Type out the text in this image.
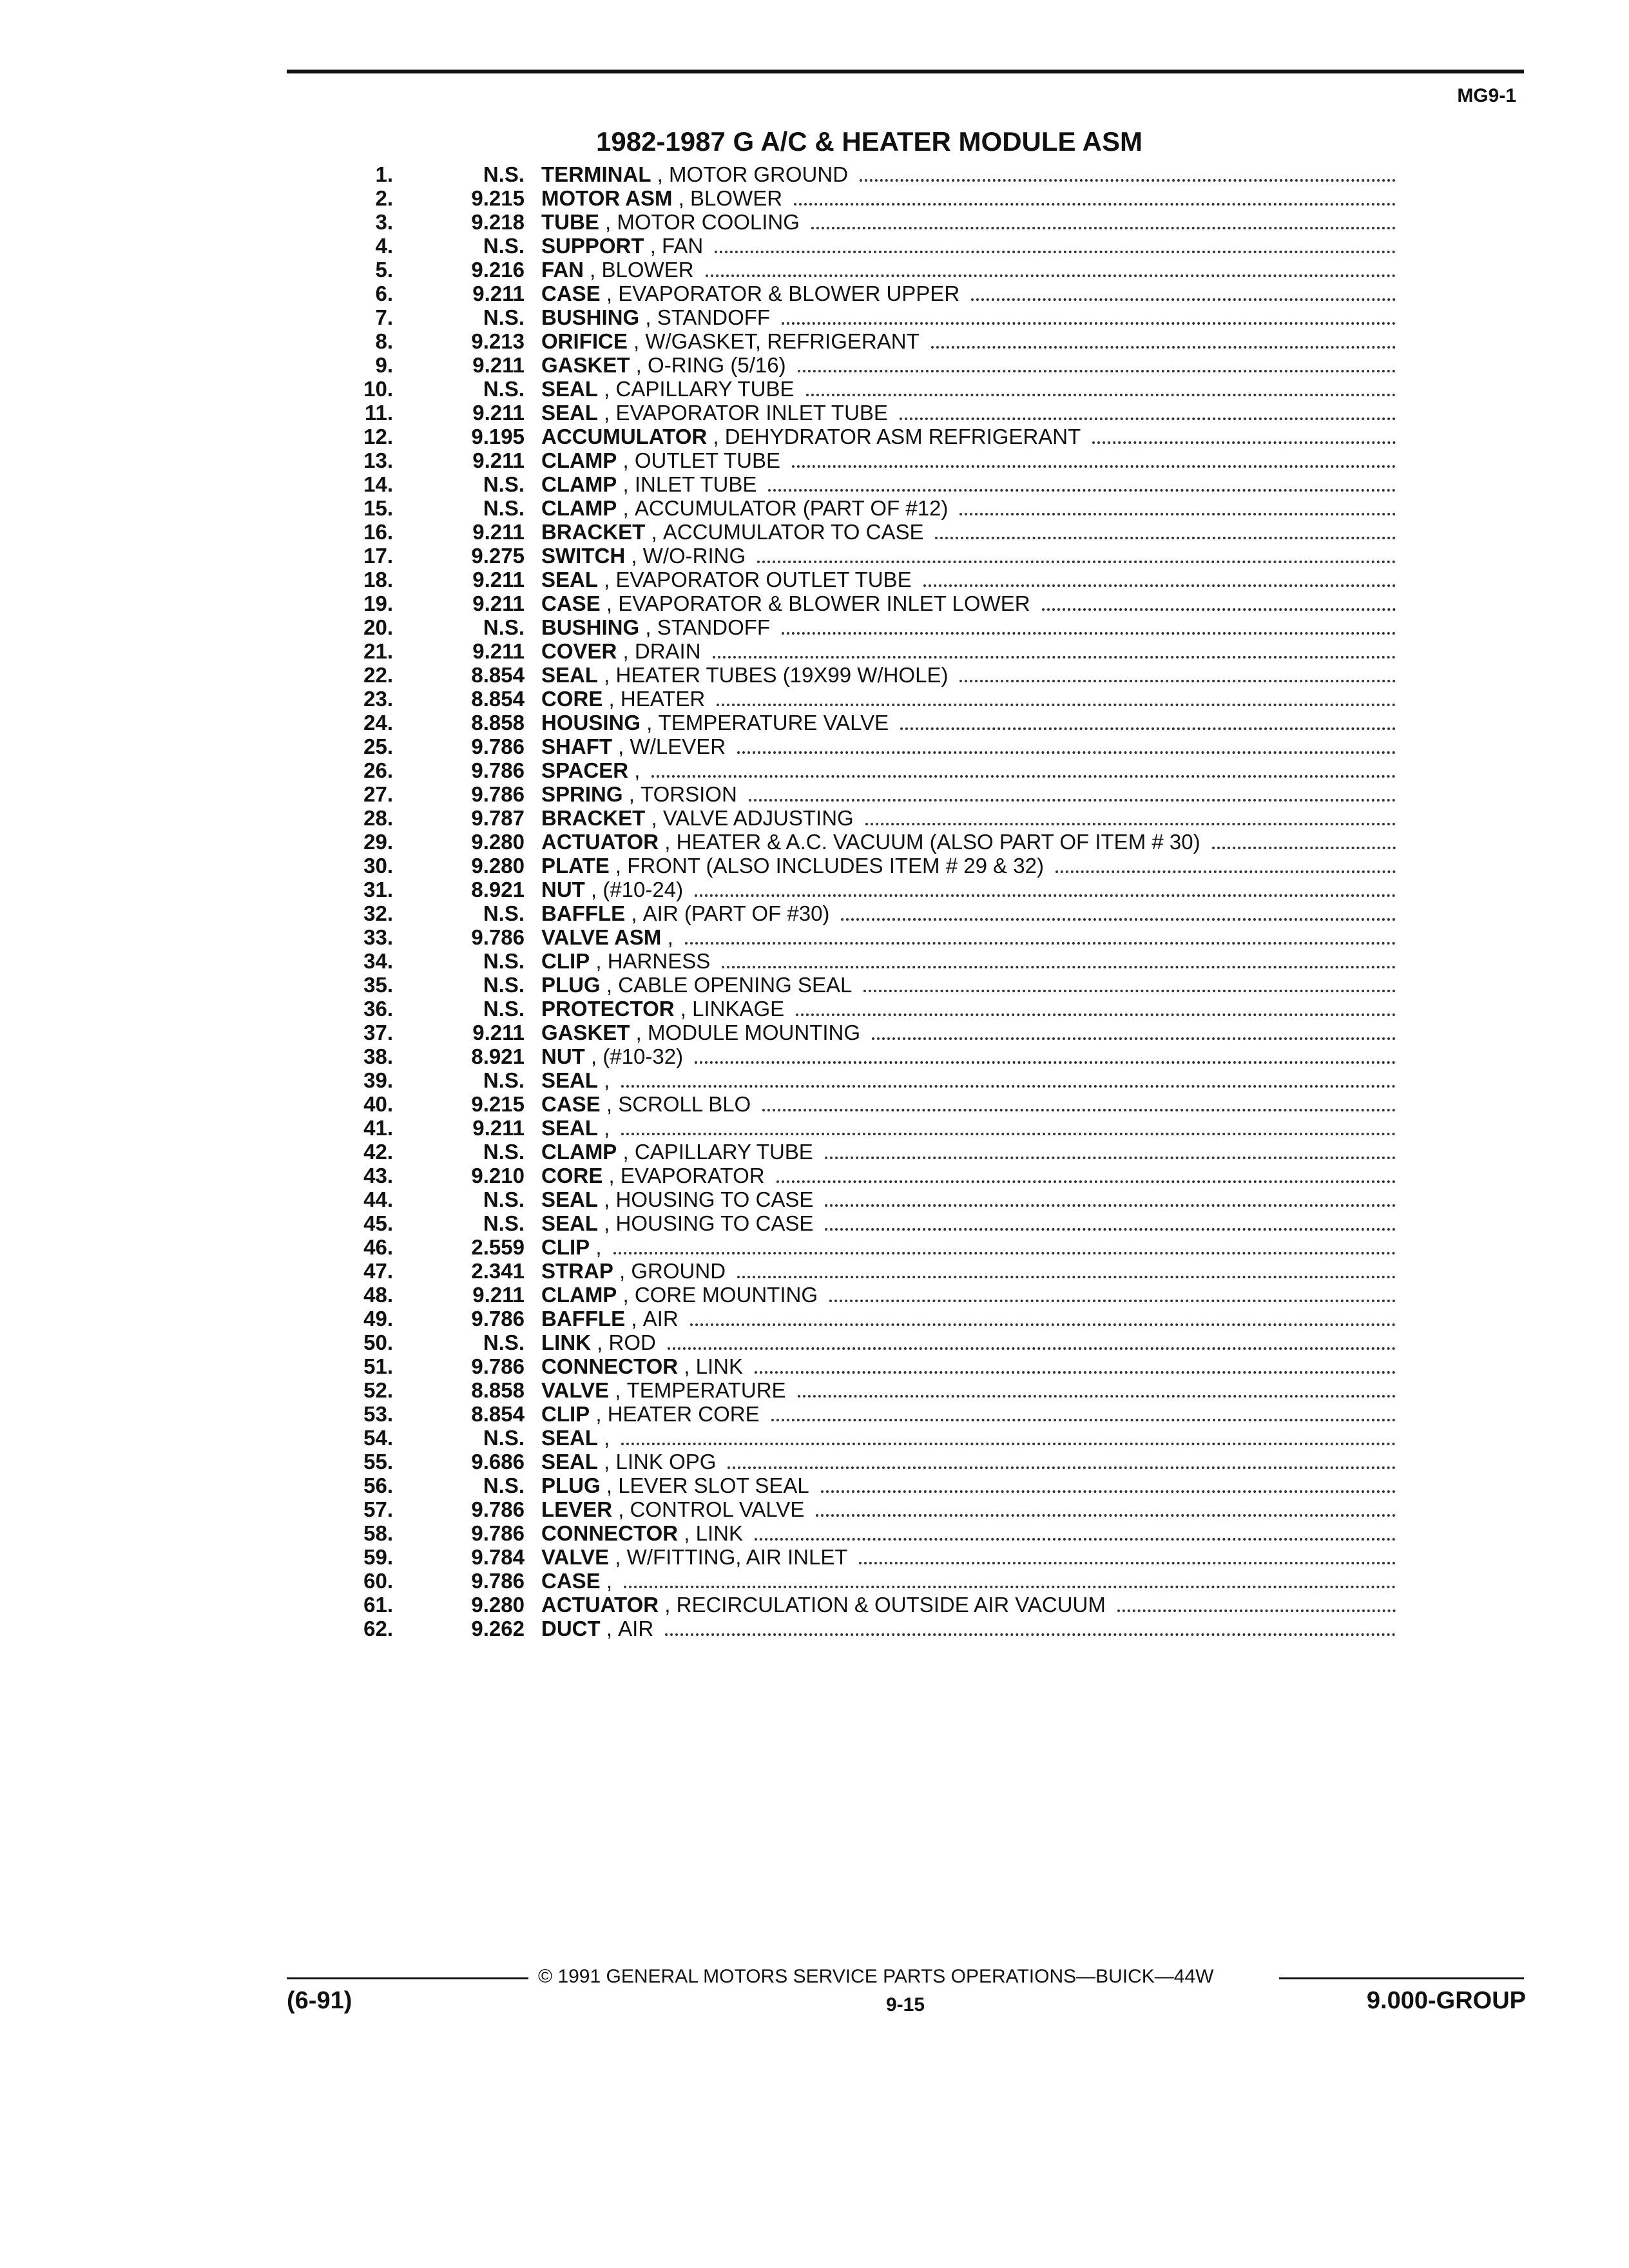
MG9-1
1982-1987 G A/C & HEATER MODULE ASM
1.	N.S. TERMINAL , MOTOR GROUND
2.	9.215 MOTOR ASM , BLOWER
3.	9.218 TUBE , MOTOR COOLING
4.	N.S. SUPPORT , FAN
5.	9.216 FAN , BLOWER
6.	9.211 CASE , EVAPORATOR & BLOWER UPPER
7.	N.S. BUSHING , STANDOFF
8.	9.213 ORIFICE , W/GASKET, REFRIGERANT
9.	9.211 GASKET , O-RING (5/16)
10.	N.S. SEAL , CAPILLARY TUBE
11.	9.211 SEAL , EVAPORATOR INLET TUBE
12.	9.195 ACCUMULATOR , DEHYDRATOR ASM REFRIGERANT
13.	9.211 CLAMP , OUTLET TUBE
14.	N.S. CLAMP , INLET TUBE
15.	N.S. CLAMP , ACCUMULATOR (PART OF #12)
16.	9.211 BRACKET , ACCUMULATOR TO CASE
17.	9.275 SWITCH , W/O-RING
18.	9.211 SEAL , EVAPORATOR OUTLET TUBE
19.	9.211 CASE , EVAPORATOR & BLOWER INLET LOWER
20.	N.S. BUSHING , STANDOFF
21.	9.211 COVER , DRAIN
22.	8.854 SEAL , HEATER TUBES (19X99 W/HOLE)
23.	8.854 CORE , HEATER
24.	8.858 HOUSING , TEMPERATURE VALVE
25.	9.786 SHAFT , W/LEVER
26.	9.786 SPACER ,
27.	9.786 SPRING , TORSION
28.	9.787 BRACKET , VALVE ADJUSTING
29.	9.280 ACTUATOR , HEATER & A.C. VACUUM (ALSO PART OF ITEM # 30)
30.	9.280 PLATE , FRONT (ALSO INCLUDES ITEM # 29 & 32)
31.	8.921 NUT , (#10-24)
32.	N.S. BAFFLE , AIR (PART OF #30)
33.	9.786 VALVE ASM ,
34.	N.S. CLIP , HARNESS
35.	N.S. PLUG , CABLE OPENING SEAL
36.	N.S. PROTECTOR , LINKAGE
37.	9.211 GASKET , MODULE MOUNTING
38.	8.921 NUT , (#10-32)
39.	N.S. SEAL ,
40.	9.215 CASE , SCROLL BLO
41.	9.211 SEAL ,
42.	N.S. CLAMP , CAPILLARY TUBE
43.	9.210 CORE , EVAPORATOR
44.	N.S. SEAL , HOUSING TO CASE
45.	N.S. SEAL , HOUSING TO CASE
46.	2.559 CLIP ,
47.	2.341 STRAP , GROUND
48.	9.211 CLAMP , CORE MOUNTING
49.	9.786 BAFFLE , AIR
50.	N.S. LINK , ROD
51.	9.786 CONNECTOR , LINK
52.	8.858 VALVE , TEMPERATURE
53.	8.854 CLIP , HEATER CORE
54.	N.S. SEAL ,
55.	9.686 SEAL , LINK OPG
56.	N.S. PLUG , LEVER SLOT SEAL
57.	9.786 LEVER , CONTROL VALVE
58.	9.786 CONNECTOR , LINK
59.	9.784 VALVE , W/FITTING, AIR INLET
60.	9.786 CASE ,
61.	9.280 ACTUATOR , RECIRCULATION & OUTSIDE AIR VACUUM
62.	9.262 DUCT , AIR
© 1991 GENERAL MOTORS SERVICE PARTS OPERATIONS—BUICK—44W
9-15
(6-91)	9.000-GROUP
